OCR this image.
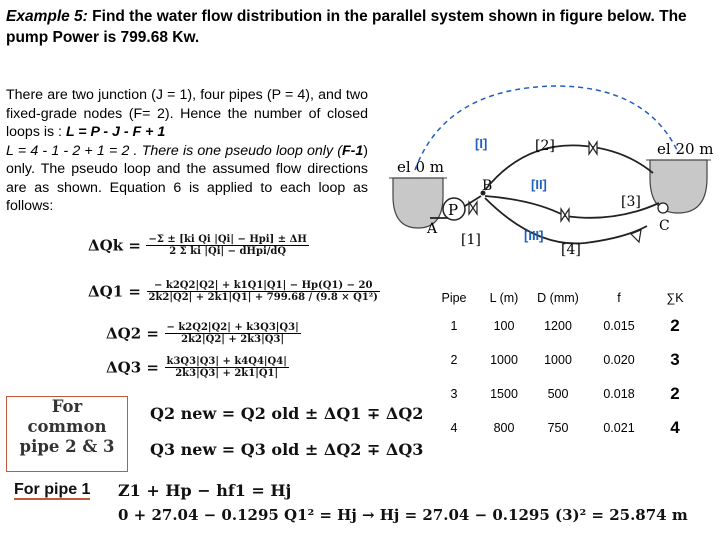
Example 5: Find the water flow distribution in the parallel system shown in figure below. The pump Power is 799.68 Kw.
There are two junction (J = 1), four pipes (P = 4), and two fixed-grade nodes (F= 2). Hence the number of closed loops is : L = P - J - F + 1
L = 4 - 1 - 2 + 1 = 2 . There is one pseudo loop only (F-1) only. The pseudo loop and the assumed flow directions are as shown. Equation 6 is applied to each loop as follows:
el 0 m
el 20 m
P
A
[1]
B
[2]
[3]
[4]
C
[I]
[II]
[III]
$\Delta Qk = \frac{\text{−Σ ± [ki Qi |Qi| − Hpi] ± ΔH}}{\text{2 Σ ki |Qi| − dHpi/dQ}}$
$\Delta Q1 = \frac{- k2Q2|Q2| + k1Q1|Q1| - Hp(Q1) - 20}{\text{2k2|Q2| + 2k1|Q1| + 799.68 / (9.8 × Q1²)}}$
$\Delta Q2 = \frac{- k2Q2|Q2| + k3Q3|Q3|}{2k2|Q2| + 2k3|Q3|}$
$\Delta Q3 = \frac{k3Q3|Q3| + k4Q4|Q4|}{2k3|Q3| + 2k1|Q1|}$
For
common
pipe 2 & 3
Q2 new = Q2 old ± ΔQ1 ∓ ΔQ2
Q3 new = Q3 old ± ΔQ2 ∓ ΔQ3
For pipe 1 Z1 + Hp − hf1 = Hj
0 + 27.04 − 0.1295 Q1² = Hj → Hj = 27.04 − 0.1295 (3)² = 25.874 m
Pipe	L (m)	D (mm)	f	∑K
1	100	1200	0.015	2
2	1000	1000	0.020	3
3	1500	500	0.018	2
4	800	750	0.021	4
